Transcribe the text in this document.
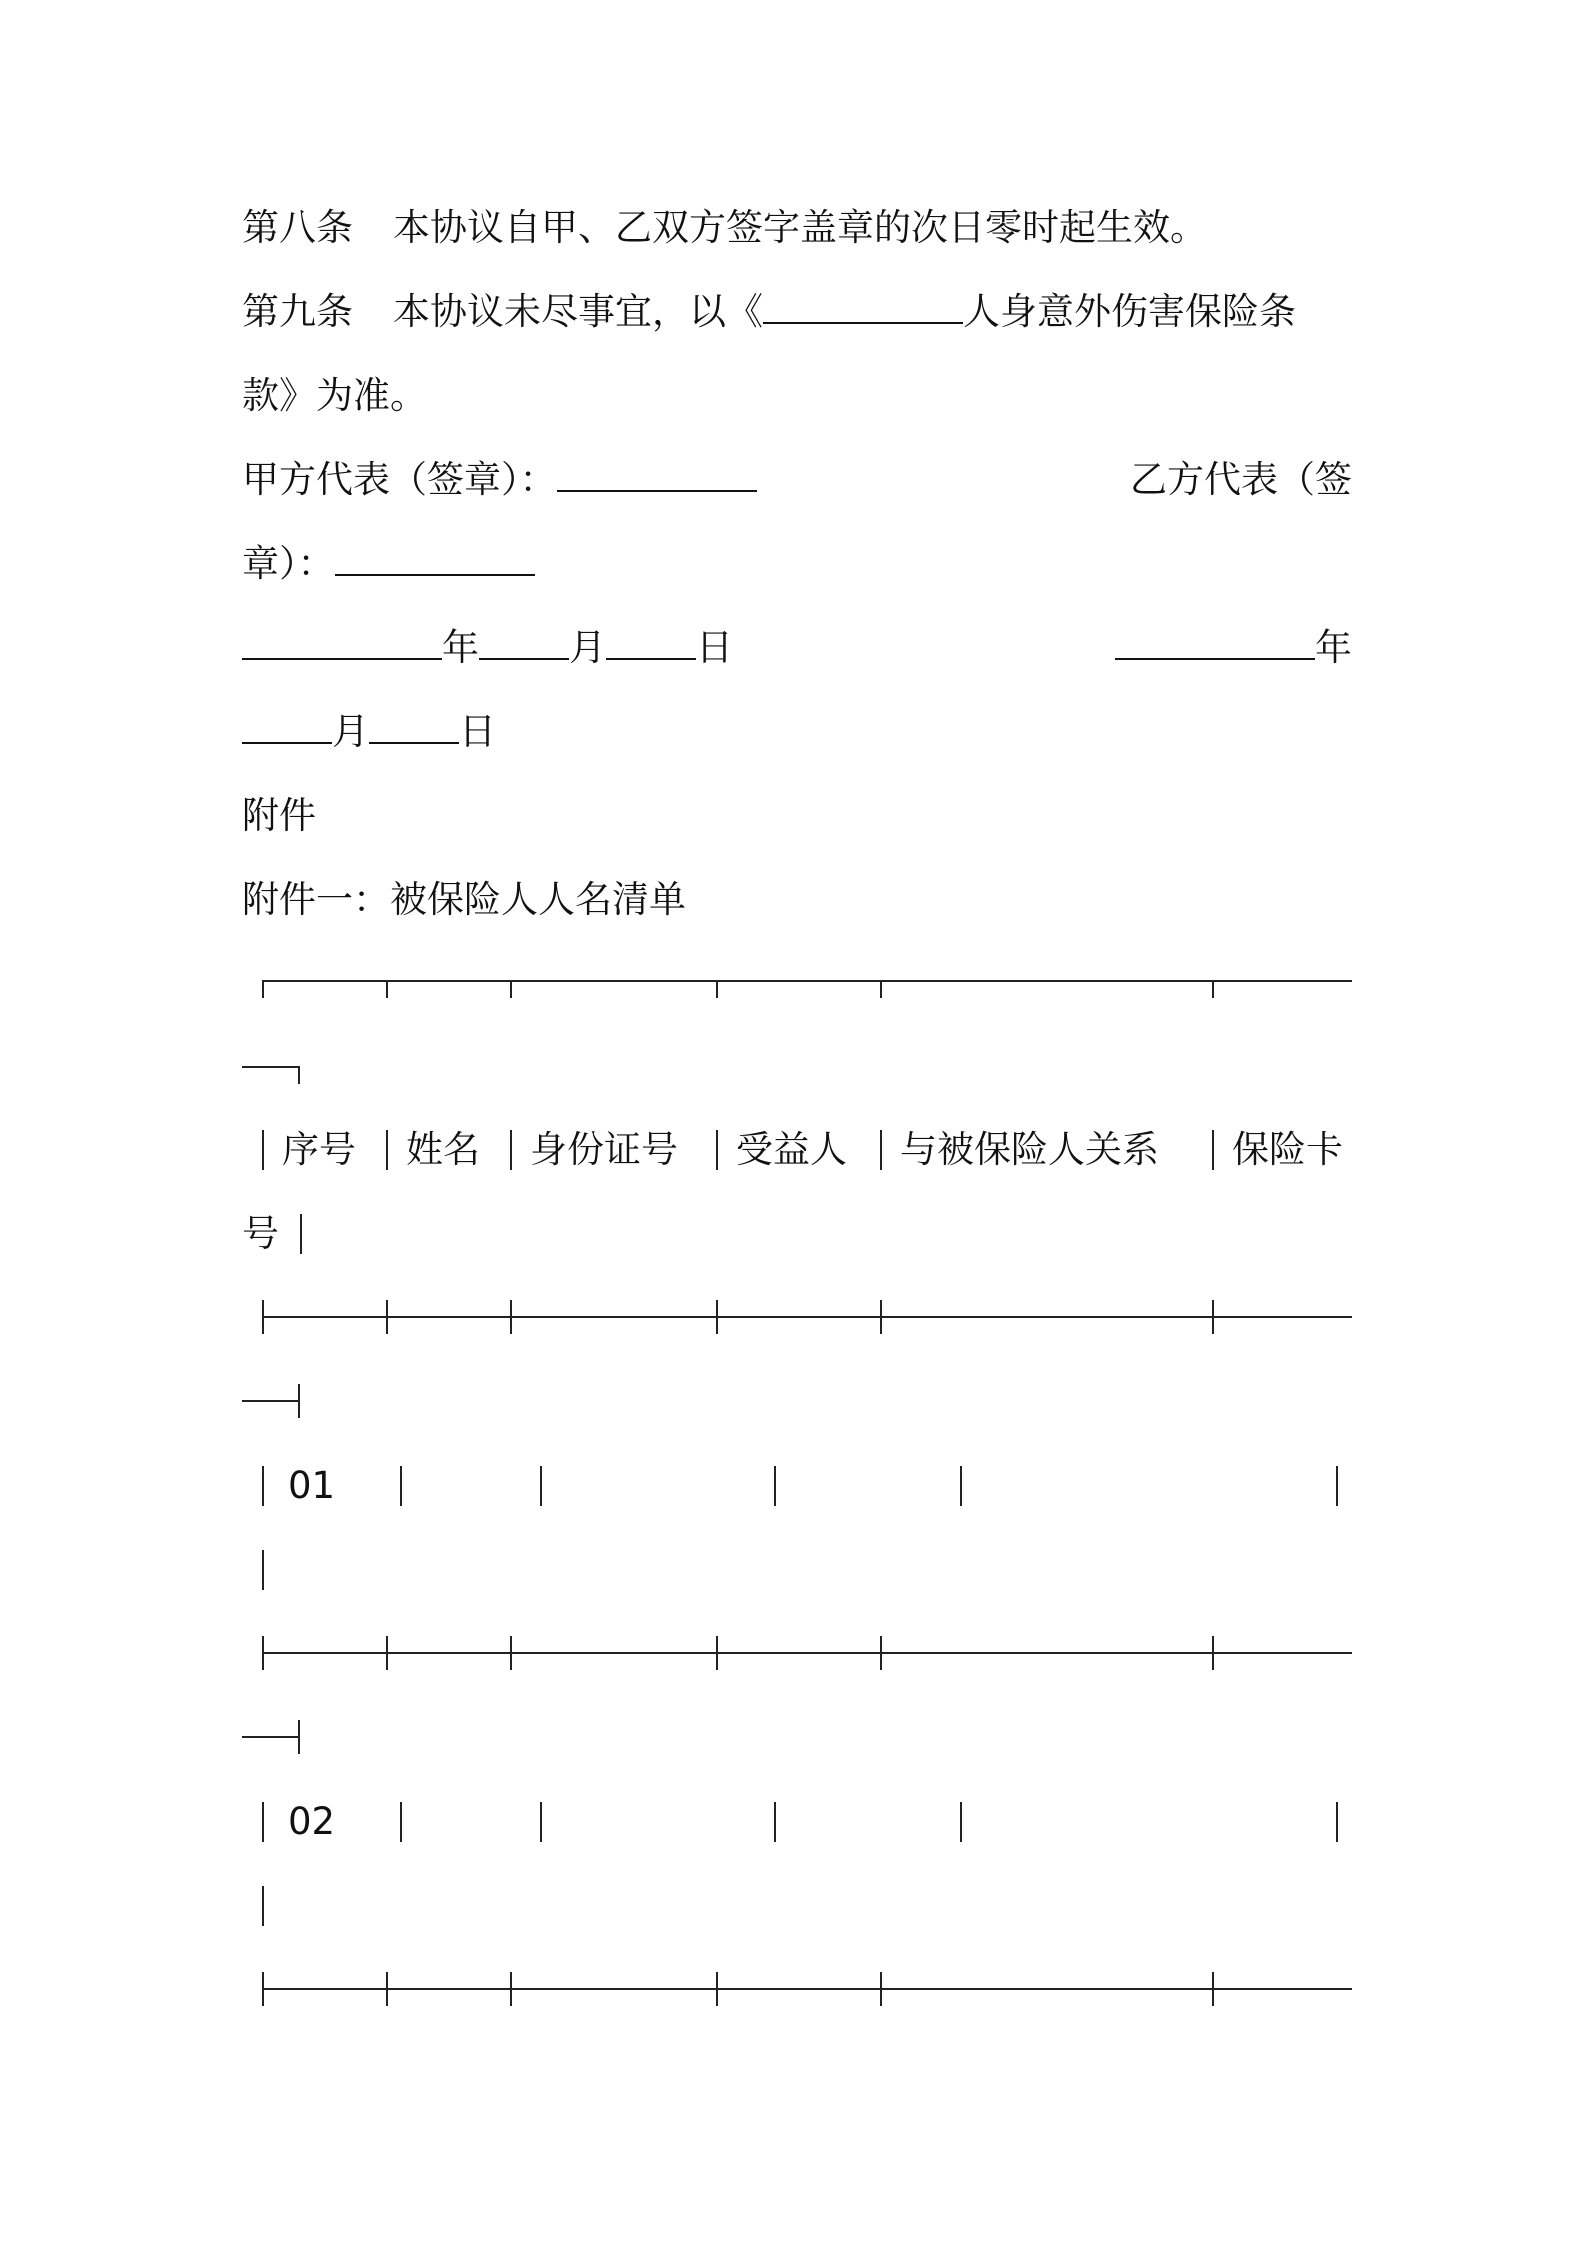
第八条 本协议自甲、乙双方签字盖章的次日零时起生效。
第九条 本协议未尽事宜，以《	人身意外伤害保险条
款》为准。
甲方代表（签章）：	乙方代表（签
章）：
年 月 日	年
月 日
附件
附件一：被保险人人名清单
序号 姓名 身份证号 受益人 与被保险人关系 保险卡
号
01
02
